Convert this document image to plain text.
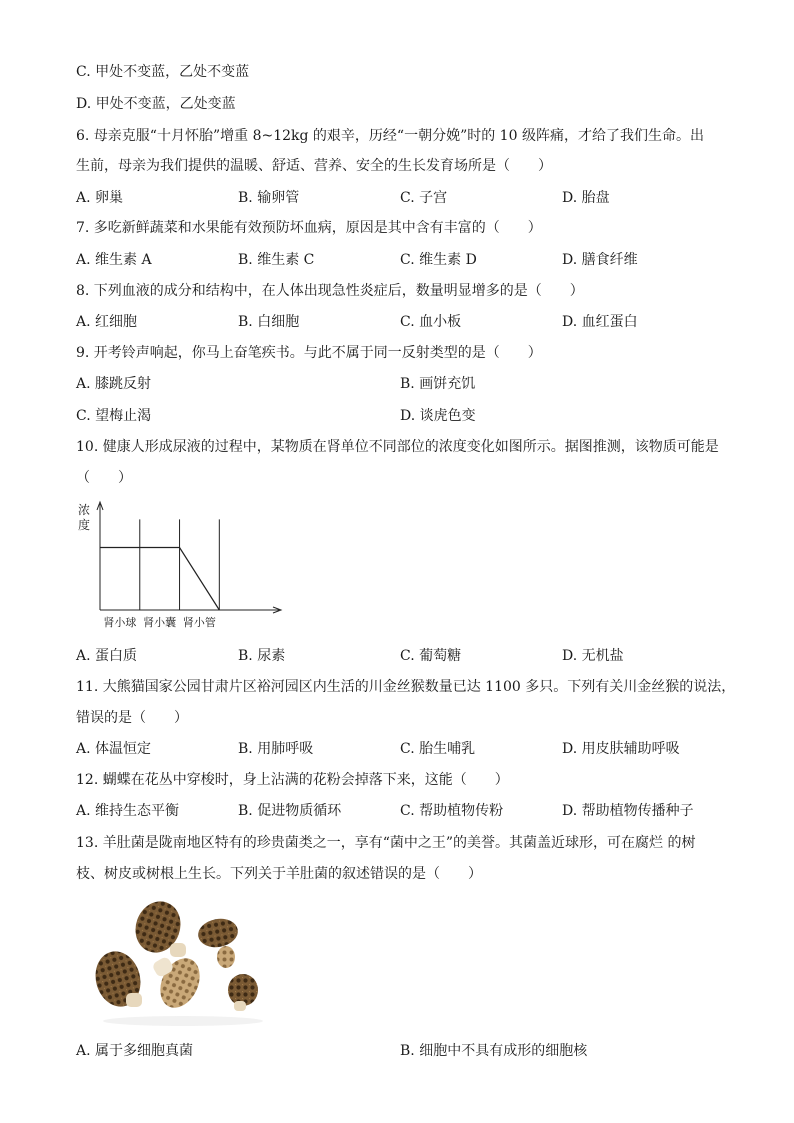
C. 甲处不变蓝，乙处不变蓝
D. 甲处不变蓝，乙处变蓝
6. 母亲克服“十月怀胎”增重 8~12kg 的艰辛，历经“一朝分娩”时的 10 级阵痛，才给了我们生命。出
生前，母亲为我们提供的温暖、舒适、营养、安全的生长发育场所是（　　）
A. 卵巢	B. 输卵管	C. 子宫	D. 胎盘
7. 多吃新鲜蔬菜和水果能有效预防坏血病，原因是其中含有丰富的（　　）
A. 维生素 A	B. 维生素 C	C. 维生素 D	D. 膳食纤维
8. 下列血液的成分和结构中，在人体出现急性炎症后，数量明显增多的是（　　）
A. 红细胞	B. 白细胞	C. 血小板	D. 血红蛋白
9. 开考铃声响起，你马上奋笔疾书。与此不属于同一反射类型的是（　　）
A. 膝跳反射	B. 画饼充饥
C. 望梅止渴	D. 谈虎色变
10. 健康人形成尿液的过程中，某物质在肾单位不同部位的浓度变化如图所示。据图推测，该物质可能是
（　　）
浓
度
肾小球 肾小囊 肾小管
A. 蛋白质	B. 尿素	C. 葡萄糖	D. 无机盐
11. 大熊猫国家公园甘肃片区裕河园区内生活的川金丝猴数量已达 1100 多只。下列有关川金丝猴的说法，
错误的是（　　）
A. 体温恒定	B. 用肺呼吸	C. 胎生哺乳	D. 用皮肤辅助呼吸
12. 蝴蝶在花丛中穿梭时，身上沾满的花粉会掉落下来，这能（　　）
A. 维持生态平衡	B. 促进物质循环	C. 帮助植物传粉	D. 帮助植物传播种子
13. 羊肚菌是陇南地区特有的珍贵菌类之一，享有“菌中之王”的美誉。其菌盖近球形，可在腐烂 的树
枝、树皮或树根上生长。下列关于羊肚菌的叙述错误的是（　　）
A. 属于多细胞真菌	B. 细胞中不具有成形的细胞核
